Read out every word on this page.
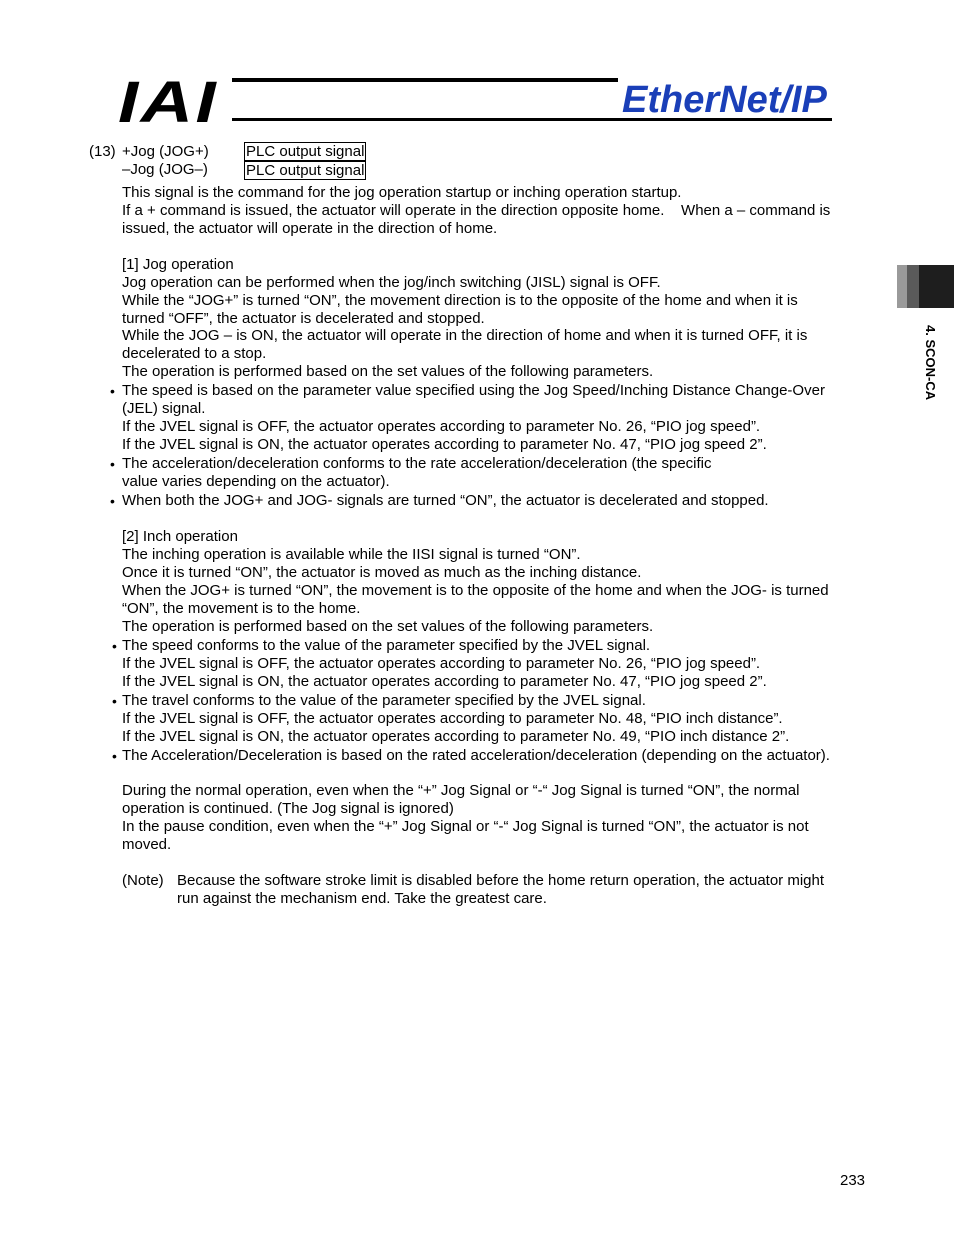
IAI	EtherNet/IP
4. SCON-CA
(13) +Jog (JOG+) PLC output signal
–Jog (JOG–)	PLC output signal
This signal is the command for the jog operation startup or inching operation startup.
If a + command is issued, the actuator will operate in the direction opposite home.    When a – command is
issued, the actuator will operate in the direction of home.
[1] Jog operation
Jog operation can be performed when the jog/inch switching (JISL) signal is OFF.
While the “JOG+” is turned “ON”, the movement direction is to the opposite of the home and when it is
turned “OFF”, the actuator is decelerated and stopped.
While the JOG – is ON, the actuator will operate in the direction of home and when it is turned OFF, it is
decelerated to a stop.
The operation is performed based on the set values of the following parameters.
• The speed is based on the parameter value specified using the Jog Speed/Inching Distance Change-Over
(JEL) signal.
If the JVEL signal is OFF, the actuator operates according to parameter No. 26, “PIO jog speed”.
If the JVEL signal is ON, the actuator operates according to parameter No. 47, “PIO jog speed 2”.
• The acceleration/deceleration conforms to the rate acceleration/deceleration (the specific
value varies depending on the actuator).
• When both the JOG+ and JOG- signals are turned “ON”, the actuator is decelerated and stopped.
[2] Inch operation
The inching operation is available while the IISI signal is turned “ON”.
Once it is turned “ON”, the actuator is moved as much as the inching distance.
When the JOG+ is turned “ON”, the movement is to the opposite of the home and when the JOG- is turned
“ON”, the movement is to the home.
The operation is performed based on the set values of the following parameters.
• The speed conforms to the value of the parameter specified by the JVEL signal.
If the JVEL signal is OFF, the actuator operates according to parameter No. 26, “PIO jog speed”.
If the JVEL signal is ON, the actuator operates according to parameter No. 47, “PIO jog speed 2”.
• The travel conforms to the value of the parameter specified by the JVEL signal.
If the JVEL signal is OFF, the actuator operates according to parameter No. 48, “PIO inch distance”.
If the JVEL signal is ON, the actuator operates according to parameter No. 49, “PIO inch distance 2”.
• The Acceleration/Deceleration is based on the rated acceleration/deceleration (depending on the actuator).
During the normal operation, even when the “+” Jog Signal or “-“ Jog Signal is turned “ON”, the normal
operation is continued. (The Jog signal is ignored)
In the pause condition, even when the “+” Jog Signal or “-“ Jog Signal is turned “ON”, the actuator is not
moved.
(Note) Because the software stroke limit is disabled before the home return operation, the actuator might
run against the mechanism end. Take the greatest care.
233
